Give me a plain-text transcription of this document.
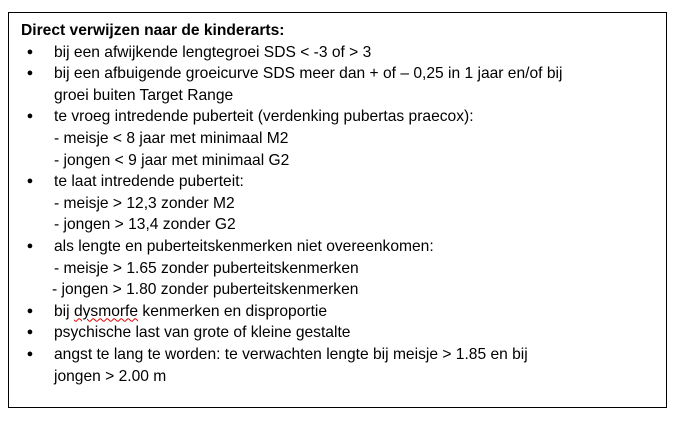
Direct verwijzen naar de kinderarts:
● bij een afwijkende lengtegroei SDS < -3 of > 3
● bij een afbuigende groeicurve SDS meer dan + of – 0,25 in 1 jaar en/of bij
groei buiten Target Range
● te vroeg intredende puberteit (verdenking pubertas praecox):
- meisje < 8 jaar met minimaal M2
- jongen < 9 jaar met minimaal G2
● te laat intredende puberteit:
- meisje > 12,3 zonder M2
- jongen > 13,4 zonder G2
● als lengte en puberteitskenmerken niet overeenkomen:
- meisje > 1.65 zonder puberteitskenmerken
- jongen > 1.80 zonder puberteitskenmerken
● bij dysmorfe kenmerken en disproportie
● psychische last van grote of kleine gestalte
● angst te lang te worden: te verwachten lengte bij meisje > 1.85 en bij
jongen > 2.00 m
